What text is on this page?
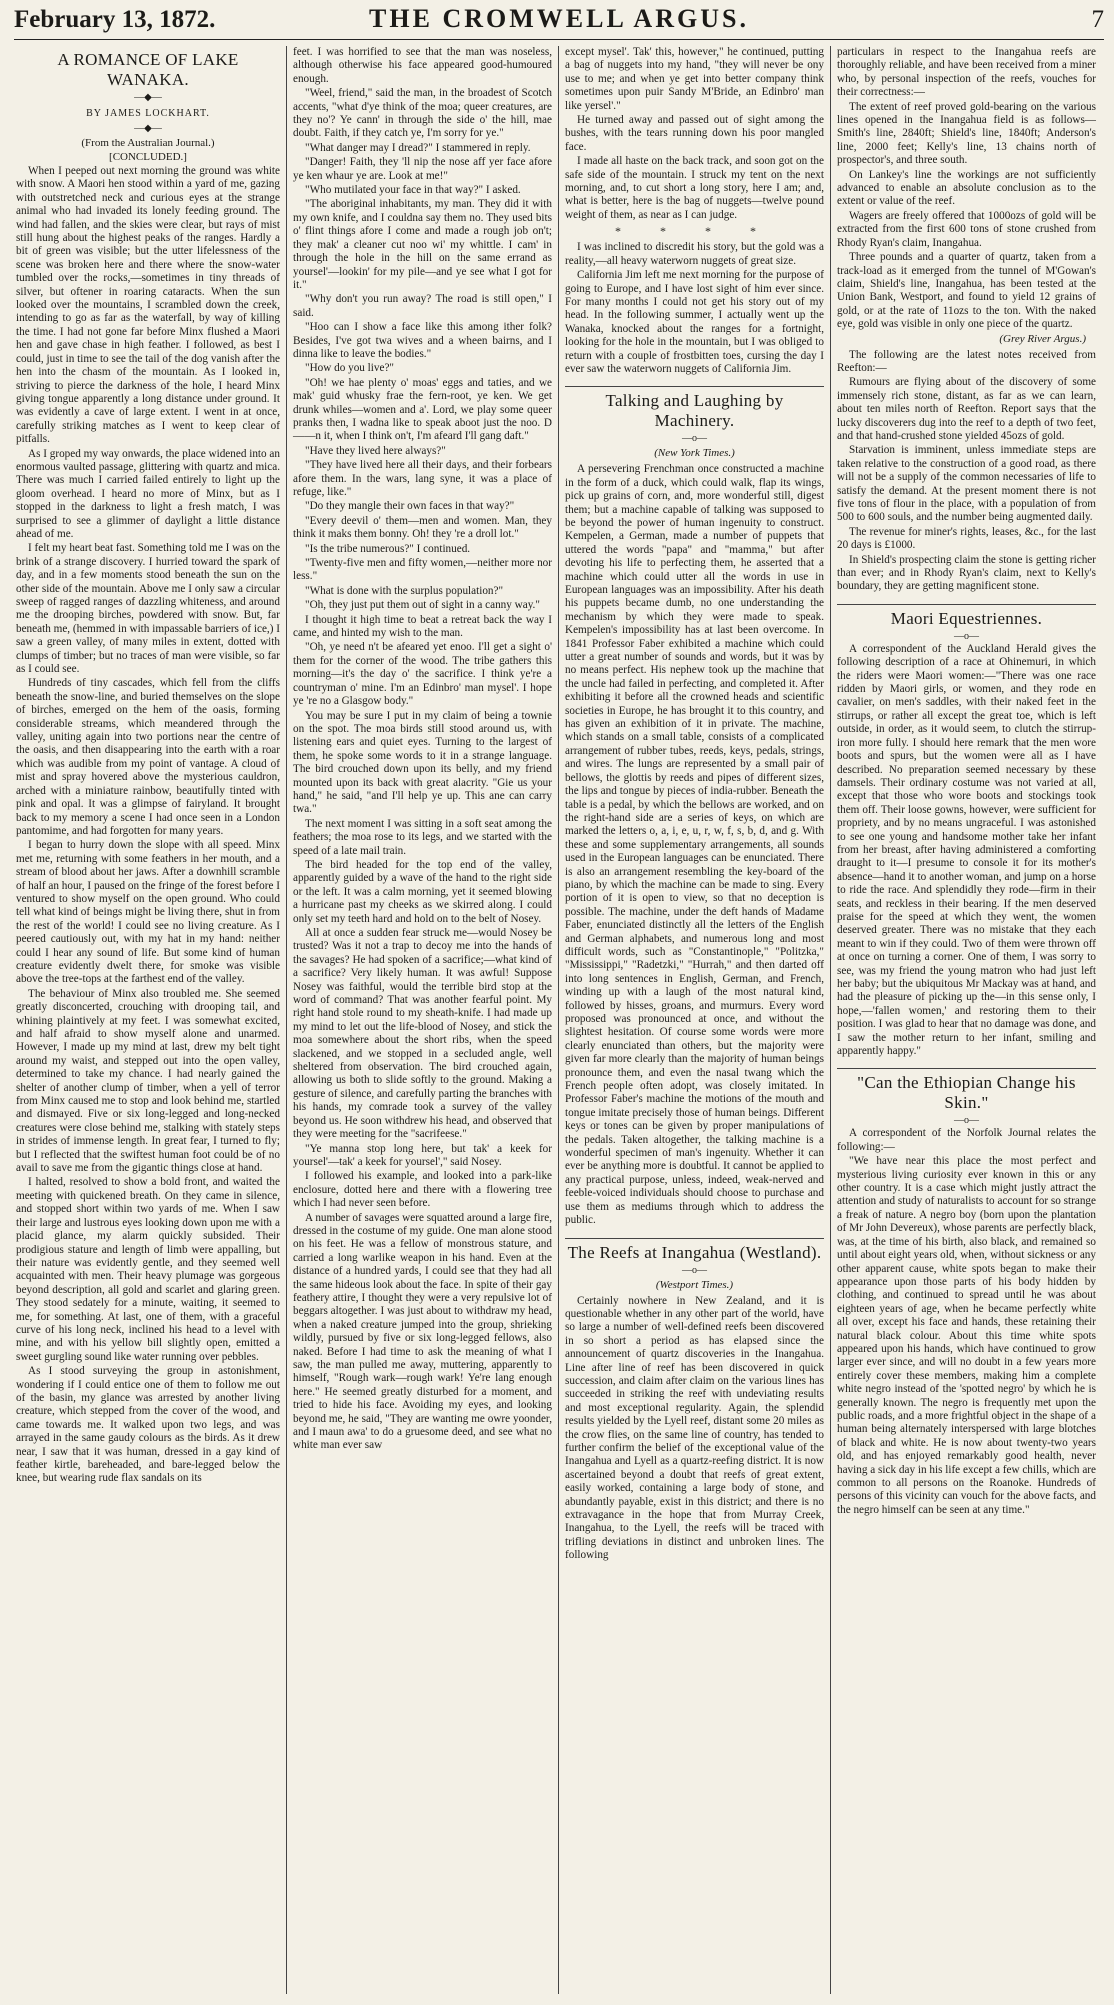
February 13, 1872.	THE CROMWELL ARGUS.	7
A ROMANCE OF LAKE WANAKA.
—◆—
BY JAMES LOCKHART.
—◆—
(From the Australian Journal.)
[CONCLUDED.]

When I peeped out next morning the ground was white with snow. A Maori hen stood within a yard of me, gazing with outstretched neck and curious eyes at the strange animal who had invaded its lonely feeding ground. The wind had fallen, and the skies were clear, but rays of mist still hung about the highest peaks of the ranges. Hardly a bit of green was visible; but the utter lifelessness of the scene was broken here and there where the snow-water tumbled over the rocks,—sometimes in tiny threads of silver, but oftener in roaring cataracts. When the sun looked over the mountains, I scrambled down the creek, intending to go as far as the waterfall, by way of killing the time. I had not gone far before Minx flushed a Maori hen and gave chase in high feather. I followed, as best I could, just in time to see the tail of the dog vanish after the hen into the chasm of the mountain. As I looked in, striving to pierce the darkness of the hole, I heard Minx giving tongue apparently a long distance under ground. It was evidently a cave of large extent. I went in at once, carefully striking matches as I went to keep clear of pitfalls.

As I groped my way onwards, the place widened into an enormous vaulted passage, glittering with quartz and mica. There was much I carried failed entirely to light up the gloom overhead. I heard no more of Minx, but as I stopped in the darkness to light a fresh match, I was surprised to see a glimmer of daylight a little distance ahead of me.

I felt my heart beat fast. Something told me I was on the brink of a strange discovery. I hurried toward the spark of day, and in a few moments stood beneath the sun on the other side of the mountain. Above me I only saw a circular sweep of ragged ranges of dazzling whiteness, and around me the drooping birches, powdered with snow. But, far beneath me, (hemmed in with impassable barriers of ice,) I saw a green valley, of many miles in extent, dotted with clumps of timber; but no traces of man were visible, so far as I could see.

Hundreds of tiny cascades, which fell from the cliffs beneath the snow-line, and buried themselves on the slope of birches, emerged on the hem of the oasis, forming considerable streams, which meandered through the valley, uniting again into two portions near the centre of the oasis, and then disappearing into the earth with a roar which was audible from my point of vantage. A cloud of mist and spray hovered above the mysterious cauldron, arched with a miniature rainbow, beautifully tinted with pink and opal. It was a glimpse of fairyland. It brought back to my memory a scene I had once seen in a London pantomime, and had forgotten for many years.

I began to hurry down the slope with all speed. Minx met me, returning with some feathers in her mouth, and a stream of blood about her jaws. After a downhill scramble of half an hour, I paused on the fringe of the forest before I ventured to show myself on the open ground. Who could tell what kind of beings might be living there, shut in from the rest of the world! I could see no living creature. As I peered cautiously out, with my hat in my hand: neither could I hear any sound of life. But some kind of human creature evidently dwelt there, for smoke was visible above the tree-tops at the farthest end of the valley.

The behaviour of Minx also troubled me. She seemed greatly disconcerted, crouching with drooping tail, and whining plaintively at my feet. I was somewhat excited, and half afraid to show myself alone and unarmed. However, I made up my mind at last, drew my belt tight around my waist, and stepped out into the open valley, determined to take my chance. I had nearly gained the shelter of another clump of timber, when a yell of terror from Minx caused me to stop and look behind me, startled and dismayed. Five or six long-legged and long-necked creatures were close behind me, stalking with stately steps in strides of immense length. In great fear, I turned to fly; but I reflected that the swiftest human foot could be of no avail to save me from the gigantic things close at hand.

I halted, resolved to show a bold front, and waited the meeting with quickened breath. On they came in silence, and stopped short within two yards of me. When I saw their large and lustrous eyes looking down upon me with a placid glance, my alarm quickly subsided. Their prodigious stature and length of limb were appalling, but their nature was evidently gentle, and they seemed well acquainted with men. Their heavy plumage was gorgeous beyond description, all gold and scarlet and glaring green. They stood sedately for a minute, waiting, it seemed to me, for something. At last, one of them, with a graceful curve of his long neck, inclined his head to a level with mine, and with his yellow bill slightly open, emitted a sweet gurgling sound like water running over pebbles.

As I stood surveying the group in astonishment, wondering if I could entice one of them to follow me out of the basin, my glance was arrested by another living creature, which stepped from the cover of the wood, and came towards me. It walked upon two legs, and was arrayed in the same gaudy colours as the birds. As it drew near, I saw that it was human, dressed in a gay kind of feather kirtle, bareheaded, and bare-legged below the knee, but wearing rude flax sandals on its

feet. I was horrified to see that the man was noseless, although otherwise his face appeared good-humoured enough.

"Weel, friend," said the man, in the broadest of Scotch accents, "what d'ye think of the moa; queer creatures, are they no'? Ye cann' in through the side o' the hill, mae doubt. Faith, if they catch ye, I'm sorry for ye."

"What danger may I dread?" I stammered in reply.

"Danger! Faith, they 'll nip the nose aff yer face afore ye ken whaur ye are. Look at me!"

"Who mutilated your face in that way?" I asked.

"The aboriginal inhabitants, my man. They did it with my own knife, and I couldna say them no. They used bits o' flint things afore I come and made a rough job on't; they mak' a cleaner cut noo wi' my whittle. I cam' in through the hole in the hill on the same errand as yoursel'—lookin' for my pile—and ye see what I got for it."

"Why don't you run away? The road is still open," I said.

"Hoo can I show a face like this among ither folk? Besides, I've got twa wives and a wheen bairns, and I dinna like to leave the bodies."

"How do you live?"

"Oh! we hae plenty o' moas' eggs and taties, and we mak' guid whusky frae the fern-root, ye ken. We get drunk whiles—women and a'. Lord, we play some queer pranks then, I wadna like to speak aboot just the noo. D——n it, when I think on't, I'm afeard I'll gang daft."

"Have they lived here always?"

"They have lived here all their days, and their forbears afore them. In the wars, lang syne, it was a place of refuge, like."

"Do they mangle their own faces in that way?"

"Every deevil o' them—men and women. Man, they think it maks them bonny. Oh! they 're a droll lot."

"Is the tribe numerous?" I continued.

"Twenty-five men and fifty women,—neither more nor less."

"What is done with the surplus population?"

"Oh, they just put them out of sight in a canny way."

I thought it high time to beat a retreat back the way I came, and hinted my wish to the man.

"Oh, ye need n't be afeared yet enoo. I'll get a sight o' them for the corner of the wood. The tribe gathers this morning—it's the day o' the sacrifice. I think ye're a countryman o' mine. I'm an Edinbro' man mysel'. I hope ye 're no a Glasgow body."

You may be sure I put in my claim of being a townie on the spot. The moa birds still stood around us, with listening ears and quiet eyes. Turning to the largest of them, he spoke some words to it in a strange language. The bird crouched down upon its belly, and my friend mounted upon its back with great alacrity. "Gie us your hand," he said, "and I'll help ye up. This ane can carry twa."

The next moment I was sitting in a soft seat among the feathers; the moa rose to its legs, and we started with the speed of a late mail train.

The bird headed for the top end of the valley, apparently guided by a wave of the hand to the right side or the left. It was a calm morning, yet it seemed blowing a hurricane past my cheeks as we skirred along. I could only set my teeth hard and hold on to the belt of Nosey.

All at once a sudden fear struck me—would Nosey be trusted? Was it not a trap to decoy me into the hands of the savages? He had spoken of a sacrifice;—what kind of a sacrifice? Very likely human. It was awful! Suppose Nosey was faithful, would the terrible bird stop at the word of command? That was another fearful point. My right hand stole round to my sheath-knife. I had made up my mind to let out the life-blood of Nosey, and stick the moa somewhere about the short ribs, when the speed slackened, and we stopped in a secluded angle, well sheltered from observation. The bird crouched again, allowing us both to slide softly to the ground. Making a gesture of silence, and carefully parting the branches with his hands, my comrade took a survey of the valley beyond us. He soon withdrew his head, and observed that they were meeting for the "sacrifeese."

"Ye manna stop long here, but tak' a keek for yoursel'—tak' a keek for yoursel'," said Nosey.

I followed his example, and looked into a park-like enclosure, dotted here and there with a flowering tree which I had never seen before.

A number of savages were squatted around a large fire, dressed in the costume of my guide. One man alone stood on his feet. He was a fellow of monstrous stature, and carried a long warlike weapon in his hand. Even at the distance of a hundred yards, I could see that they had all the same hideous look about the face. In spite of their gay feathery attire, I thought they were a very repulsive lot of beggars altogether. I was just about to withdraw my head, when a naked creature jumped into the group, shrieking wildly, pursued by five or six long-legged fellows, also naked. Before I had time to ask the meaning of what I saw, the man pulled me away, muttering, apparently to himself, "Rough wark—rough wark! Ye're lang enough here." He seemed greatly disturbed for a moment, and tried to hide his face. Avoiding my eyes, and looking beyond me, he said, "They are wanting me owre yoonder, and I maun awa' to do a gruesome deed, and see what no white man ever saw

except mysel'. Tak' this, however," he continued, putting a bag of nuggets into my hand, "they will never be ony use to me; and when ye get into better company think sometimes upon puir Sandy M'Bride, an Edinbro' man like yersel'."

He turned away and passed out of sight among the bushes, with the tears running down his poor mangled face.

I made all haste on the back track, and soon got on the safe side of the mountain. I struck my tent on the next morning, and, to cut short a long story, here I am; and, what is better, here is the bag of nuggets—twelve pound weight of them, as near as I can judge.

* * * *

I was inclined to discredit his story, but the gold was a reality,—all heavy waterworn nuggets of great size.

California Jim left me next morning for the purpose of going to Europe, and I have lost sight of him ever since. For many months I could not get his story out of my head. In the following summer, I actually went up the Wanaka, knocked about the ranges for a fortnight, looking for the hole in the mountain, but I was obliged to return with a couple of frostbitten toes, cursing the day I ever saw the waterworn nuggets of California Jim.

Talking and Laughing by Machinery.
—o—
(New York Times.)

A persevering Frenchman once constructed a machine in the form of a duck, which could walk, flap its wings, pick up grains of corn, and, more wonderful still, digest them; but a machine capable of talking was supposed to be beyond the power of human ingenuity to construct. Kempelen, a German, made a number of puppets that uttered the words "papa" and "mamma," but after devoting his life to perfecting them, he asserted that a machine which could utter all the words in use in European languages was an impossibility. After his death his puppets became dumb, no one understanding the mechanism by which they were made to speak. Kempelen's impossibility has at last been overcome. In 1841 Professor Faber exhibited a machine which could utter a great number of sounds and words, but it was by no means perfect. His nephew took up the machine that the uncle had failed in perfecting, and completed it. After exhibiting it before all the crowned heads and scientific societies in Europe, he has brought it to this country, and has given an exhibition of it in private. The machine, which stands on a small table, consists of a complicated arrangement of rubber tubes, reeds, keys, pedals, strings, and wires. The lungs are represented by a small pair of bellows, the glottis by reeds and pipes of different sizes, the lips and tongue by pieces of india-rubber. Beneath the table is a pedal, by which the bellows are worked, and on the right-hand side are a series of keys, on which are marked the letters o, a, i, e, u, r, w, f, s, b, d, and g. With these and some supplementary arrangements, all sounds used in the European languages can be enunciated. There is also an arrangement resembling the key-board of the piano, by which the machine can be made to sing. Every portion of it is open to view, so that no deception is possible. The machine, under the deft hands of Madame Faber, enunciated distinctly all the letters of the English and German alphabets, and numerous long and most difficult words, such as "Constantinople," "Politzka," "Mississippi," "Radetzki," "Hurrah," and then darted off into long sentences in English, German, and French, winding up with a laugh of the most natural kind, followed by hisses, groans, and murmurs. Every word proposed was pronounced at once, and without the slightest hesitation. Of course some words were more clearly enunciated than others, but the majority were given far more clearly than the majority of human beings pronounce them, and even the nasal twang which the French people often adopt, was closely imitated. In Professor Faber's machine the motions of the mouth and tongue imitate precisely those of human beings. Different keys or tones can be given by proper manipulations of the pedals. Taken altogether, the talking machine is a wonderful specimen of man's ingenuity. Whether it can ever be anything more is doubtful. It cannot be applied to any practical purpose, unless, indeed, weak-nerved and feeble-voiced individuals should choose to purchase and use them as mediums through which to address the public.

The Reefs at Inangahua (Westland).
—o—
(Westport Times.)

Certainly nowhere in New Zealand, and it is questionable whether in any other part of the world, have so large a number of well-defined reefs been discovered in so short a period as has elapsed since the announcement of quartz discoveries in the Inangahua. Line after line of reef has been discovered in quick succession, and claim after claim on the various lines has succeeded in striking the reef with undeviating results and most exceptional regularity. Again, the splendid results yielded by the Lyell reef, distant some 20 miles as the crow flies, on the same line of country, has tended to further confirm the belief of the exceptional value of the Inangahua and Lyell as a quartz-reefing district. It is now ascertained beyond a doubt that reefs of great extent, easily worked, containing a large body of stone, and abundantly payable, exist in this district; and there is no extravagance in the hope that from Murray Creek, Inangahua, to the Lyell, the reefs will be traced with trifling deviations in distinct and unbroken lines. The following

particulars in respect to the Inangahua reefs are thoroughly reliable, and have been received from a miner who, by personal inspection of the reefs, vouches for their correctness:—

The extent of reef proved gold-bearing on the various lines opened in the Inangahua field is as follows—Smith's line, 2840ft; Shield's line, 1840ft; Anderson's line, 2000 feet; Kelly's line, 13 chains north of prospector's, and three south.

On Lankey's line the workings are not sufficiently advanced to enable an absolute conclusion as to the extent or value of the reef.

Wagers are freely offered that 1000ozs of gold will be extracted from the first 600 tons of stone crushed from Rhody Ryan's claim, Inangahua.

Three pounds and a quarter of quartz, taken from a track-load as it emerged from the tunnel of M'Gowan's claim, Shield's line, Inangahua, has been tested at the Union Bank, Westport, and found to yield 12 grains of gold, or at the rate of 11ozs to the ton. With the naked eye, gold was visible in only one piece of the quartz.

(Grey River Argus.)

The following are the latest notes received from Reefton:—

Rumours are flying about of the discovery of some immensely rich stone, distant, as far as we can learn, about ten miles north of Reefton. Report says that the lucky discoverers dug into the reef to a depth of two feet, and that hand-crushed stone yielded 45ozs of gold.

Starvation is imminent, unless immediate steps are taken relative to the construction of a good road, as there will not be a supply of the common necessaries of life to satisfy the demand. At the present moment there is not five tons of flour in the place, with a population of from 500 to 600 souls, and the number being augmented daily.

The revenue for miner's rights, leases, &c., for the last 20 days is £1000.

In Shield's prospecting claim the stone is getting richer than ever; and in Rhody Ryan's claim, next to Kelly's boundary, they are getting magnificent stone.

Maori Equestriennes.
—o—

A correspondent of the Auckland Herald gives the following description of a race at Ohinemuri, in which the riders were Maori women:—"There was one race ridden by Maori girls, or women, and they rode en cavalier, on men's saddles, with their naked feet in the stirrups, or rather all except the great toe, which is left outside, in order, as it would seem, to clutch the stirrup-iron more fully. I should here remark that the men wore boots and spurs, but the women were all as I have described. No preparation seemed necessary by these damsels. Their ordinary costume was not varied at all, except that those who wore boots and stockings took them off. Their loose gowns, however, were sufficient for propriety, and by no means ungraceful. I was astonished to see one young and handsome mother take her infant from her breast, after having administered a comforting draught to it—I presume to console it for its mother's absence—hand it to another woman, and jump on a horse to ride the race. And splendidly they rode—firm in their seats, and reckless in their bearing. If the men deserved praise for the speed at which they went, the women deserved greater. There was no mistake that they each meant to win if they could. Two of them were thrown off at once on turning a corner. One of them, I was sorry to see, was my friend the young matron who had just left her baby; but the ubiquitous Mr Mackay was at hand, and had the pleasure of picking up the—in this sense only, I hope,—'fallen women,' and restoring them to their position. I was glad to hear that no damage was done, and I saw the mother return to her infant, smiling and apparently happy."

"Can the Ethiopian Change his Skin."
—o—

A correspondent of the Norfolk Journal relates the following:—

"We have near this place the most perfect and mysterious living curiosity ever known in this or any other country. It is a case which might justly attract the attention and study of naturalists to account for so strange a freak of nature. A negro boy (born upon the plantation of Mr John Devereux), whose parents are perfectly black, was, at the time of his birth, also black, and remained so until about eight years old, when, without sickness or any other apparent cause, white spots began to make their appearance upon those parts of his body hidden by clothing, and continued to spread until he was about eighteen years of age, when he became perfectly white all over, except his face and hands, these retaining their natural black colour. About this time white spots appeared upon his hands, which have continued to grow larger ever since, and will no doubt in a few years more entirely cover these members, making him a complete white negro instead of the 'spotted negro' by which he is generally known. The negro is frequently met upon the public roads, and a more frightful object in the shape of a human being alternately interspersed with large blotches of black and white. He is now about twenty-two years old, and has enjoyed remarkably good health, never having a sick day in his life except a few chills, which are common to all persons on the Roanoke. Hundreds of persons of this vicinity can vouch for the above facts, and the negro himself can be seen at any time."
